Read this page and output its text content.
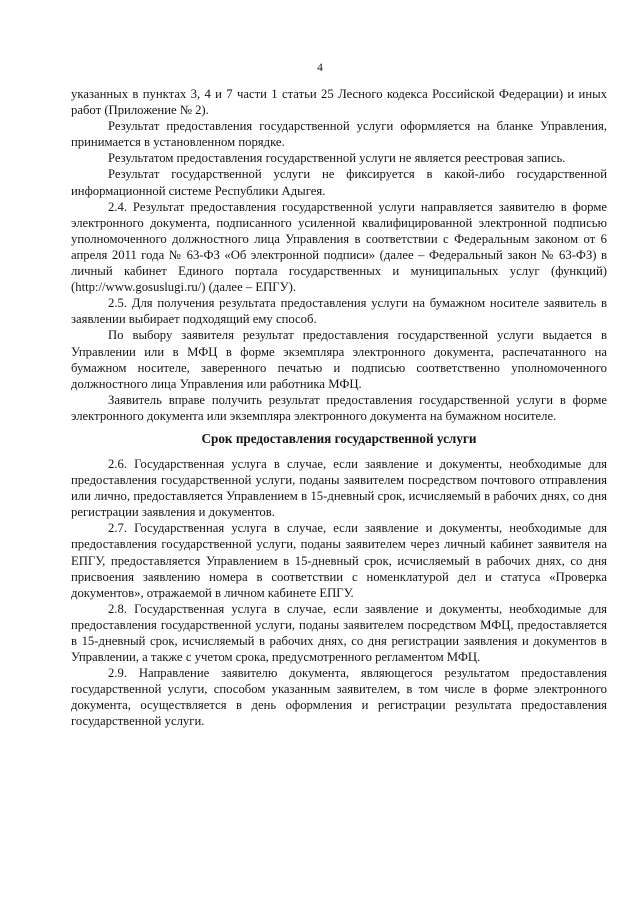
4

указанных в пунктах 3, 4 и 7 части 1 статьи 25 Лесного кодекса Российской Федерации) и иных работ (Приложение № 2).

Результат предоставления государственной услуги оформляется на бланке Управления, принимается в установленном порядке.

Результатом предоставления государственной услуги не является реестровая запись.

Результат государственной услуги не фиксируется в какой-либо государственной информационной системе Республики Адыгея.

2.4. Результат предоставления государственной услуги направляется заявителю в форме электронного документа, подписанного усиленной квалифицированной электронной подписью уполномоченного должностного лица Управления в соответствии с Федеральным законом от 6 апреля 2011 года № 63-ФЗ «Об электронной подписи» (далее – Федеральный закон № 63-ФЗ) в личный кабинет Единого портала государственных и муниципальных услуг (функций) (http://www.gosuslugi.ru/) (далее – ЕПГУ).

2.5. Для получения результата предоставления услуги на бумажном носителе заявитель в заявлении выбирает подходящий ему способ.

По выбору заявителя результат предоставления государственной услуги выдается в Управлении или в МФЦ в форме экземпляра электронного документа, распечатанного на бумажном носителе, заверенного печатью и подписью соответственно уполномоченного должностного лица Управления или работника МФЦ.

Заявитель вправе получить результат предоставления государственной услуги в форме электронного документа или экземпляра электронного документа на бумажном носителе.

Срок предоставления государственной услуги

2.6. Государственная услуга в случае, если заявление и документы, необходимые для предоставления государственной услуги, поданы заявителем посредством почтового отправления или лично, предоставляется Управлением в 15-дневный срок, исчисляемый в рабочих днях, со дня регистрации заявления и документов.

2.7. Государственная услуга в случае, если заявление и документы, необходимые для предоставления государственной услуги, поданы заявителем через личный кабинет заявителя на ЕПГУ, предоставляется Управлением в 15-дневный срок, исчисляемый в рабочих днях, со дня присвоения заявлению номера в соответствии с номенклатурой дел и статуса «Проверка документов», отражаемой в личном кабинете ЕПГУ.

2.8. Государственная услуга в случае, если заявление и документы, необходимые для предоставления государственной услуги, поданы заявителем посредством МФЦ, предоставляется в 15-дневный срок, исчисляемый в рабочих днях, со дня регистрации заявления и документов в Управлении, а также с учетом срока, предусмотренного регламентом МФЦ.

2.9. Направление заявителю документа, являющегося результатом предоставления государственной услуги, способом указанным заявителем, в том числе в форме электронного документа, осуществляется в день оформления и регистрации результата предоставления государственной услуги.
